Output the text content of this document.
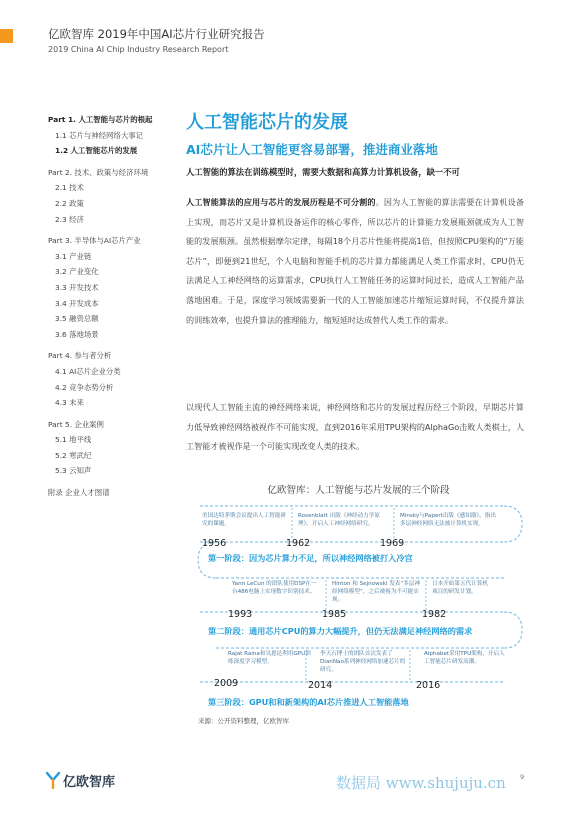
亿欧智库 2019年中国AI芯片行业研究报告
2019 China AI Chip Industry Research Report
Part 1. 人工智能与芯片的根起
1.1 芯片与神经网络大事记
1.2 人工智能芯片的发展
Part 2. 技术、政策与经济环境
2.1 技术
2.2 政策
2.3 经济
Part 3. 半导体与AI芯片产业
3.1 产业链
3.2 产业变化
3.3 开发技术
3.4 开发成本
3.5 融资总额
3.6 落地场景
Part 4. 参与者分析
4.1 AI芯片企业分类
4.2 竞争态势分析
4.3 未来
Part 5. 企业案例
5.1 地平线
5.2 寒武纪
5.3 云知声
附录 企业人才图谱
人工智能芯片的发展
AI芯片让人工智能更容易部署，推进商业落地
人工智能的算法在训练模型时，需要大数据和高算力计算机设备，缺一不可
人工智能算法的应用与芯片的发展历程是不可分割的。因为人工智能的算法需要在计算机设备上实现，而芯片又是计算机设备运作的核心零件，所以芯片的计算能力发展瓶颈就成为人工智能的发展瓶颈。虽然根据摩尔定律，每隔18个月芯片性能将提高1倍，但按照CPU架构的“万能芯片”，即便到21世纪，个人电脑和智能手机的芯片算力都能满足人类工作需求时，CPU仍无法满足人工神经网络的运算需求，CPU执行人工智能任务的运算时间过长，造成人工智能产品落地困难。于是，深度学习领域需要新一代的人工智能加速芯片缩短运算时间，不仅提升算法的训练效率，也提升算法的推理能力，缩短延时达成替代人类工作的需求。
以现代人工智能主流的神经网络来说，神经网络和芯片的发展过程历经三个阶段，早期芯片算力低导致神经网络被视作不可能实现，直到2016年采用TPU架构的AlphaGo击败人类棋士，人工智能才被视作是一个可能实现改变人类的技术。
亿欧智库：人工智能与芯片发展的三个阶段
美国达特茅斯会议提出人工智能研究的课题。
Rosenblatt 出版《神经动力学原理》，开启人工神经网络研究。
Minsky与Papert出版《感知器》，指出多层神经网络无法被计算机实现。
1956	1962	1969
第一阶段：因为芯片算力不足，所以神经网络被打入冷宫
Yann LeCun 的团队使用DSP在一台486电脑上实现数字识别技术。
Hinton 和 Sejnowski 发表“多层神经网络模型”，之后被视为不可能实现。
日本开始第五代计算机项目的研发计划。
1993	1985	1982
第二阶段：通用芯片CPU的算力大幅提升，但仍无法满足神经网络的需求
Rajat Raina和吴恩达利用GPU训练深度学习模型。
李天石博士的团队首次发表了DianNao系列神经网络加速芯片的研究。
Alphabet采用TPU架构，开启人工智能芯片研发高潮。
2009	2014	2016
第三阶段：GPU和和新架构的AI芯片推进人工智能落地
来源：公开资料整理，亿欧智库
亿欧智库	数据局 www.shujuju.cn 9
